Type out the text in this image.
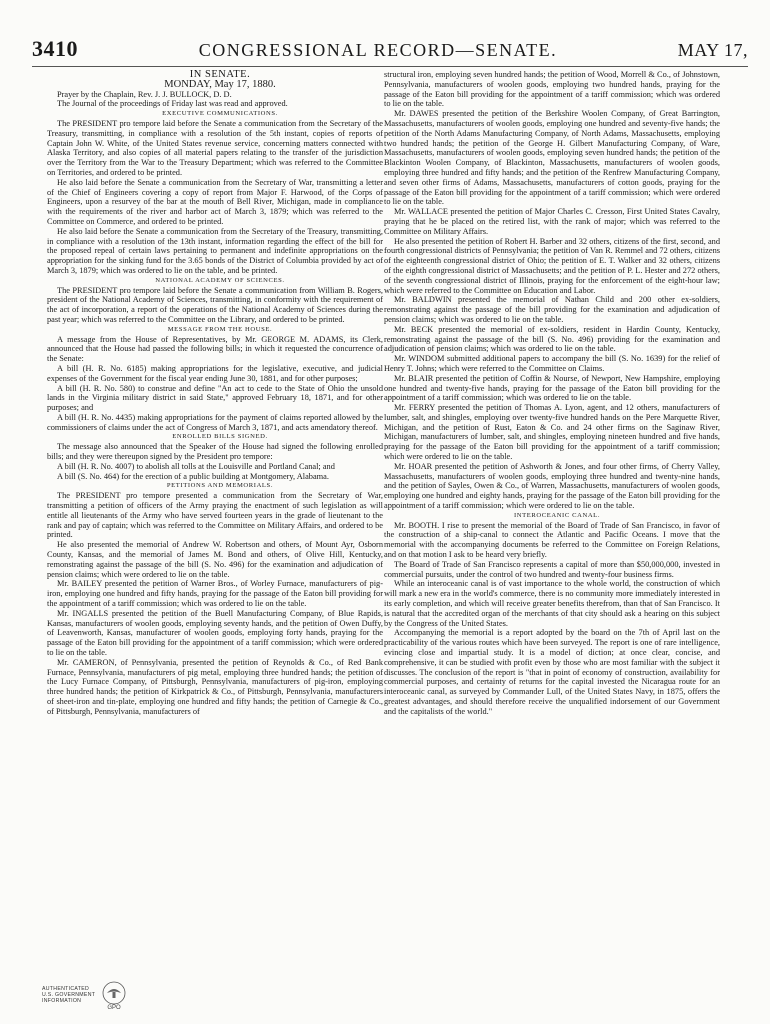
3410	CONGRESSIONAL RECORD—SENATE.	MAY 17,

IN SENATE.

MONDAY, May 17, 1880.

Prayer by the Chaplain, Rev. J. J. BULLOCK, D. D.

The Journal of the proceedings of Friday last was read and approved.

EXECUTIVE COMMUNICATIONS.

The PRESIDENT pro tempore laid before the Senate a communication from the Secretary of the Treasury, transmitting, in compliance with a resolution of the 5th instant, copies of reports of Captain John W. White, of the United States revenue service, concerning matters connected with Alaska Territory, and also copies of all material papers relating to the transfer of the jurisdiction over the Territory from the War to the Treasury Department; which was referred to the Committee on Territories, and ordered to be printed.

He also laid before the Senate a communication from the Secretary of War, transmitting a letter of the Chief of Engineers covering a copy of report from Major F. Harwood, of the Corps of Engineers, upon a resurvey of the bar at the mouth of Bell River, Michigan, made in compliance with the requirements of the river and harbor act of March 3, 1879; which was referred to the Committee on Commerce, and ordered to be printed.

He also laid before the Senate a communication from the Secretary of the Treasury, transmitting, in compliance with a resolution of the 13th instant, information regarding the effect of the bill for the proposed repeal of certain laws pertaining to permanent and indefinite appropriations on the appropriation for the sinking fund for the 3.65 bonds of the District of Columbia provided by act of March 3, 1879; which was ordered to lie on the table, and be printed.

NATIONAL ACADEMY OF SCIENCES.

The PRESIDENT pro tempore laid before the Senate a communication from William B. Rogers, president of the National Academy of Sciences, transmitting, in conformity with the requirement of the act of incorporation, a report of the operations of the National Academy of Sciences during the past year; which was referred to the Committee on the Library, and ordered to be printed.

MESSAGE FROM THE HOUSE.

A message from the House of Representatives, by Mr. GEORGE M. ADAMS, its Clerk, announced that the House had passed the following bills; in which it requested the concurrence of the Senate:

A bill (H. R. No. 6185) making appropriations for the legislative, executive, and judicial expenses of the Government for the fiscal year ending June 30, 1881, and for other purposes;

A bill (H. R. No. 580) to construe and define "An act to cede to the State of Ohio the unsold lands in the Virginia military district in said State," approved February 18, 1871, and for other purposes; and

A bill (H. R. No. 4435) making appropriations for the payment of claims reported allowed by the commissioners of claims under the act of Congress of March 3, 1871, and acts amendatory thereof.

ENROLLED BILLS SIGNED.

The message also announced that the Speaker of the House had signed the following enrolled bills; and they were thereupon signed by the President pro tempore:

A bill (H. R. No. 4007) to abolish all tolls at the Louisville and Portland Canal; and

A bill (S. No. 464) for the erection of a public building at Montgomery, Alabama.

PETITIONS AND MEMORIALS.

The PRESIDENT pro tempore presented a communication from the Secretary of War, transmitting a petition of officers of the Army praying the enactment of such legislation as will entitle all lieutenants of the Army who have served fourteen years in the grade of lieutenant to the rank and pay of captain; which was referred to the Committee on Military Affairs, and ordered to be printed.

He also presented the memorial of Andrew W. Robertson and others, of Mount Ayr, Osborn County, Kansas, and the memorial of James M. Bond and others, of Olive Hill, Kentucky, remonstrating against the passage of the bill (S. No. 496) for the examination and adjudication of pension claims; which were ordered to lie on the table.

Mr. BAILEY presented the petition of Warner Bros., of Worley Furnace, manufacturers of pig-iron, employing one hundred and fifty hands, praying for the passage of the Eaton bill providing for the appointment of a tariff commission; which was ordered to lie on the table.

Mr. INGALLS presented the petition of the Buell Manufacturing Company, of Blue Rapids, Kansas, manufacturers of woolen goods, employing seventy hands, and the petition of Owen Duffy, of Leavenworth, Kansas, manufacturer of woolen goods, employing forty hands, praying for the passage of the Eaton bill providing for the appointment of a tariff commission; which were ordered to lie on the table.

Mr. CAMERON, of Pennsylvania, presented the petition of Reynolds & Co., of Red Bank Furnace, Pennsylvania, manufacturers of pig metal, employing three hundred hands; the petition of the Lucy Furnace Company, of Pittsburgh, Pennsylvania, manufacturers of pig-iron, employing three hundred hands; the petition of Kirkpatrick & Co., of Pittsburgh, Pennsylvania, manufacturers of sheet-iron and tin-plate, employing one hundred and fifty hands; the petition of Carnegie & Co., of Pittsburgh, Pennsylvania, manufacturers of

structural iron, employing seven hundred hands; the petition of Wood, Morrell & Co., of Johnstown, Pennsylvania, manufacturers of woolen goods, employing two hundred hands, praying for the passage of the Eaton bill providing for the appointment of a tariff commission; which was ordered to lie on the table.

Mr. DAWES presented the petition of the Berkshire Woolen Company, of Great Barrington, Massachusetts, manufacturers of woolen goods, employing one hundred and seventy-five hands; the petition of the North Adams Manufacturing Company, of North Adams, Massachusetts, employing two hundred hands; the petition of the George H. Gilbert Manufacturing Company, of Ware, Massachusetts, manufacturers of woolen goods, employing seven hundred hands; the petition of the Blackinton Woolen Company, of Blackinton, Massachusetts, manufacturers of woolen goods, employing three hundred and fifty hands; and the petition of the Renfrew Manufacturing Company, and seven other firms of Adams, Massachusetts, manufacturers of cotton goods, praying for the passage of the Eaton bill providing for the appointment of a tariff commission; which were ordered to lie on the table.

Mr. WALLACE presented the petition of Major Charles C. Cresson, First United States Cavalry, praying that he be placed on the retired list, with the rank of major; which was referred to the Committee on Military Affairs.

He also presented the petition of Robert H. Barber and 32 others, citizens of the first, second, and fourth congressional districts of Pennsylvania; the petition of Van R. Remmel and 72 others, citizens of the eighteenth congressional district of Ohio; the petition of E. T. Walker and 32 others, citizens of the eighth congressional district of Massachusetts; and the petition of P. L. Hester and 272 others, of the seventh congressional district of Illinois, praying for the enforcement of the eight-hour law; which were referred to the Committee on Education and Labor.

Mr. BALDWIN presented the memorial of Nathan Child and 200 other ex-soldiers, remonstrating against the passage of the bill providing for the examination and adjudication of pension claims; which was ordered to lie on the table.

Mr. BECK presented the memorial of ex-soldiers, resident in Hardin County, Kentucky, remonstrating against the passage of the bill (S. No. 496) providing for the examination and adjudication of pension claims; which was ordered to lie on the table.

Mr. WINDOM submitted additional papers to accompany the bill (S. No. 1639) for the relief of Henry T. Johns; which were referred to the Committee on Claims.

Mr. BLAIR presented the petition of Coffin & Nourse, of Newport, New Hampshire, employing one hundred and twenty-five hands, praying for the passage of the Eaton bill providing for the appointment of a tariff commission; which was ordered to lie on the table.

Mr. FERRY presented the petition of Thomas A. Lyon, agent, and 12 others, manufacturers of lumber, salt, and shingles, employing over twenty-five hundred hands on the Pere Marquette River, Michigan, and the petition of Rust, Eaton & Co. and 24 other firms on the Saginaw River, Michigan, manufacturers of lumber, salt, and shingles, employing nineteen hundred and five hands, praying for the passage of the Eaton bill providing for the appointment of a tariff commission; which were ordered to lie on the table.

Mr. HOAR presented the petition of Ashworth & Jones, and four other firms, of Cherry Valley, Massachusetts, manufacturers of woolen goods, employing three hundred and twenty-nine hands, and the petition of Sayles, Owen & Co., of Warren, Massachusetts, manufacturers of woolen goods, employing one hundred and eighty hands, praying for the passage of the Eaton bill providing for the appointment of a tariff commission; which were ordered to lie on the table.

INTEROCEANIC CANAL.

Mr. BOOTH. I rise to present the memorial of the Board of Trade of San Francisco, in favor of the construction of a ship-canal to connect the Atlantic and Pacific Oceans. I move that the memorial with the accompanying documents be referred to the Committee on Foreign Relations, and on that motion I ask to be heard very briefly.

The Board of Trade of San Francisco represents a capital of more than $50,000,000, invested in commercial pursuits, under the control of two hundred and twenty-four business firms.

While an interoceanic canal is of vast importance to the whole world, the construction of which will mark a new era in the world's commerce, there is no community more immediately interested in its early completion, and which will receive greater benefits therefrom, than that of San Francisco. It is natural that the accredited organ of the merchants of that city should ask a hearing on this subject by the Congress of the United States.

Accompanying the memorial is a report adopted by the board on the 7th of April last on the practicability of the various routes which have been surveyed. The report is one of rare intelligence, evincing close and impartial study. It is a model of diction; at once clear, concise, and comprehensive, it can be studied with profit even by those who are most familiar with the subject it discusses. The conclusion of the report is "that in point of economy of construction, availability for commercial purposes, and certainty of returns for the capital invested the Nicaragua route for an interoceanic canal, as surveyed by Commander Lull, of the United States Navy, in 1875, offers the greatest advantages, and should therefore receive the unqualified indorsement of our Government and the capitalists of the world."

AUTHENTICATED
U.S. GOVERNMENT
INFORMATION
GPO
